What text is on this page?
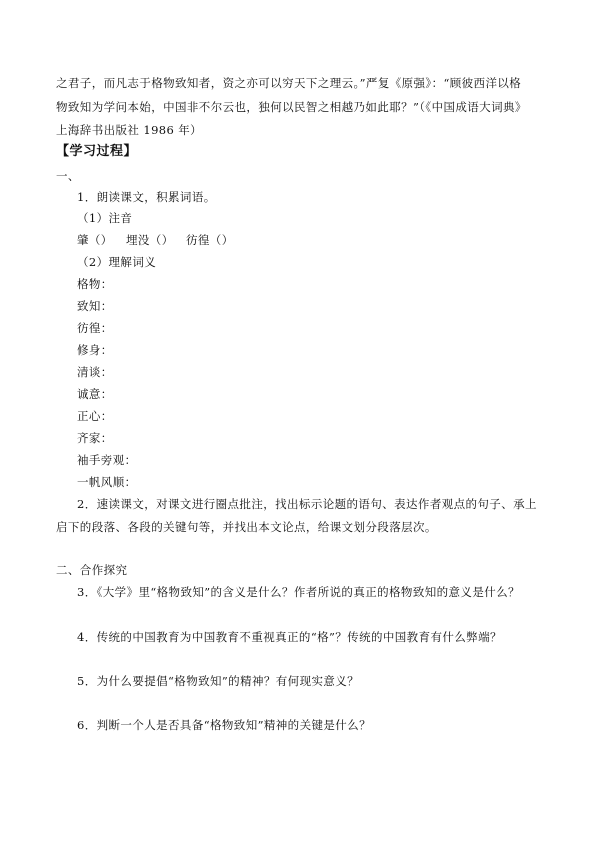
之君子，而凡志于格物致知者，资之亦可以穷天下之理云。”严复《原强》：“顾彼西洋以格
物致知为学问本始，中国非不尔云也，独何以民智之相越乃如此耶？”（《中国成语大词典》
上海辞书出版社 1986 年）
【学习过程】
一、
1．朗读课文，积累词语。
（1）注音
肇（） 埋没（） 彷徨（）
（2）理解词义
格物：
致知：
彷徨：
修身：
清谈：
诚意：
正心：
齐家：
袖手旁观：
一帆风顺：
2．速读课文，对课文进行圈点批注，找出标示论题的语句、表达作者观点的句子、承上
启下的段落、各段的关键句等，并找出本文论点，给课文划分段落层次。
二、合作探究
3．《大学》里“格物致知”的含义是什么？作者所说的真正的格物致知的意义是什么？
4．传统的中国教育为中国教育不重视真正的“格”？传统的中国教育有什么弊端？
5．为什么要提倡“格物致知”的精神？有何现实意义？
6．判断一个人是否具备“格物致知”精神的关键是什么？
